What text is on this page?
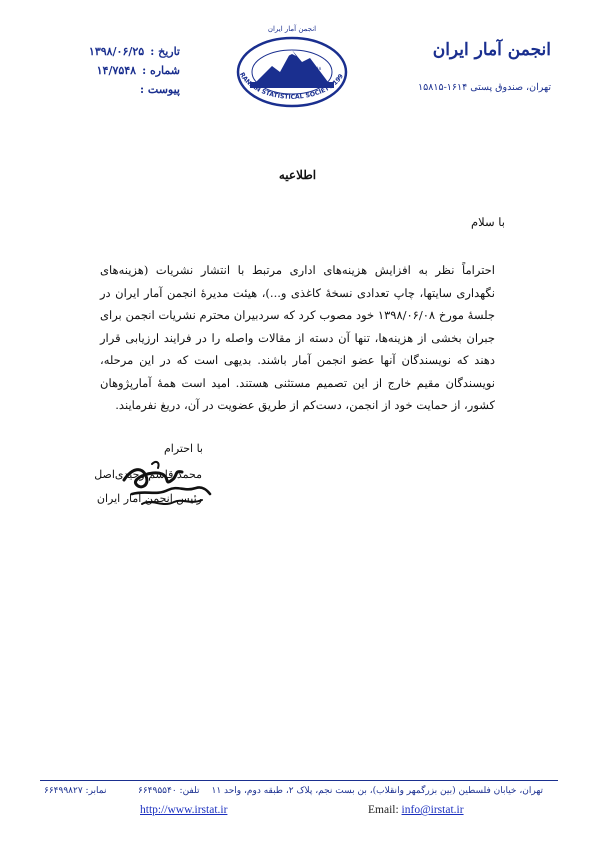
انجمن آمار ایران
تهران، صندوق پستی ۱۶۱۴-۱۵۸۱۵
انجمن آمار ایران
۱۳۶۸
RANIAN STATISTICAL SOCIETY 199
تاریخ :
۱۳۹۸/۰۶/۲۵
شماره :
۱۴/۷۵۴۸
پیوست :
اطلاعیه
با سلام
احتراماً نظر به افزایش هزینه‌های اداری مرتبط با انتشار نشریات (هزینه‌های نگهداری سایتها، چاپ تعدادی نسخهٔ کاغذی و...)، هیئت مدیرهٔ انجمن آمار ایران در جلسهٔ مورخ ۱۳۹۸/۰۶/۰۸ خود مصوب کرد که سردبیران محترم نشریات انجمن برای جبران بخشی از هزینه‌ها، تنها آن دسته از مقالات واصله را در فرایند ارزیابی قرار دهند که نویسندگان آنها عضو انجمن آمار باشند. بدیهی است که در این مرحله، نویسندگان مقیم خارج از این تصمیم مستثنی هستند. امید است همهٔ آمارپژوهان کشور، از حمایت خود از انجمن، دست‌کم از طریق عضویت در آن، دریغ نفرمایند.
با احترام
محمد قاسم وحیدی‌اصل
رئیس انجمن آمار ایران
تهران، خیابان فلسطین (بین بزرگمهر وانقلاب)، بن بست نجم، پلاک ۲، طبقه دوم، واحد ۱۱
تلفن: ۶۶۴۹۵۵۴۰
نمابر: ۶۶۴۹۹۸۲۷
http://www.irstat.ir	Email: info@irstat.ir
